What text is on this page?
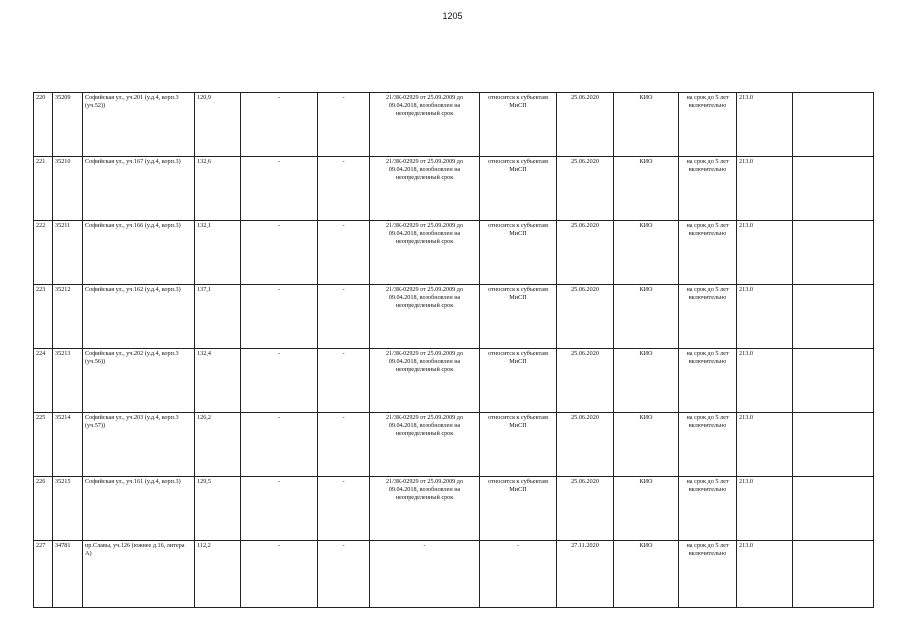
1205
220	35209	Софийская ул., уч.201 (у.д.4, корп.3 (уч.52))	120,9	-	-	21/ЗК-02929 от 25.09.2009 до 09.04.2018, возобновлен на неопределенный срок	относится к субъектам МиСП	25.06.2020	КИО	на срок до 5 лет включительно	213.0	
221	35210	Софийская ул., уч.167 (у.д.4, корп.3)	132,6	-	-	21/ЗК-02929 от 25.09.2009 до 09.04.2018, возобновлен на неопределенный срок	относится к субъектам МиСП	25.06.2020	КИО	на срок до 5 лет включительно	213.0	
222	35211	Софийская ул., уч.166 (у.д.4, корп.3)	132,1	-	-	21/ЗК-02929 от 25.09.2009 до 09.04.2018, возобновлен на неопределенный срок	относится к субъектам МиСП	25.06.2020	КИО	на срок до 5 лет включительно	213.0	
223	35212	Софийская ул., уч.162 (у.д.4, корп.3)	137,1	-	-	21/ЗК-02929 от 25.09.2009 до 09.04.2018, возобновлен на неопределенный срок	относится к субъектам МиСП	25.06.2020	КИО	на срок до 5 лет включительно	213.0	
224	35213	Софийская ул., уч.202 (у.д.4, корп.3 (уч.56))	132,4	-	-	21/ЗК-02929 от 25.09.2009 до 09.04.2018, возобновлен на неопределенный срок	относится к субъектам МиСП	25.06.2020	КИО	на срок до 5 лет включительно	213.0	
225	35214	Софийская ул., уч.203 (у.д.4, корп.3 (уч.57))	126,2	-	-	21/ЗК-02929 от 25.09.2009 до 09.04.2018, возобновлен на неопределенный срок	относится к субъектам МиСП	25.06.2020	КИО	на срок до 5 лет включительно	213.0	
226	35215	Софийская ул., уч.161 (у.д.4, корп.3)	129,5	-	-	21/ЗК-02929 от 25.09.2009 до 09.04.2018, возобновлен на неопределенный срок	относится к субъектам МиСП	25.06.2020	КИО	на срок до 5 лет включительно	213.0	
227	34781	пр.Славы, уч.126 (южнее д.16, литера А)	112,2	-	-	-	-	27.11.2020	КИО	на срок до 5 лет включительно	213.0	
